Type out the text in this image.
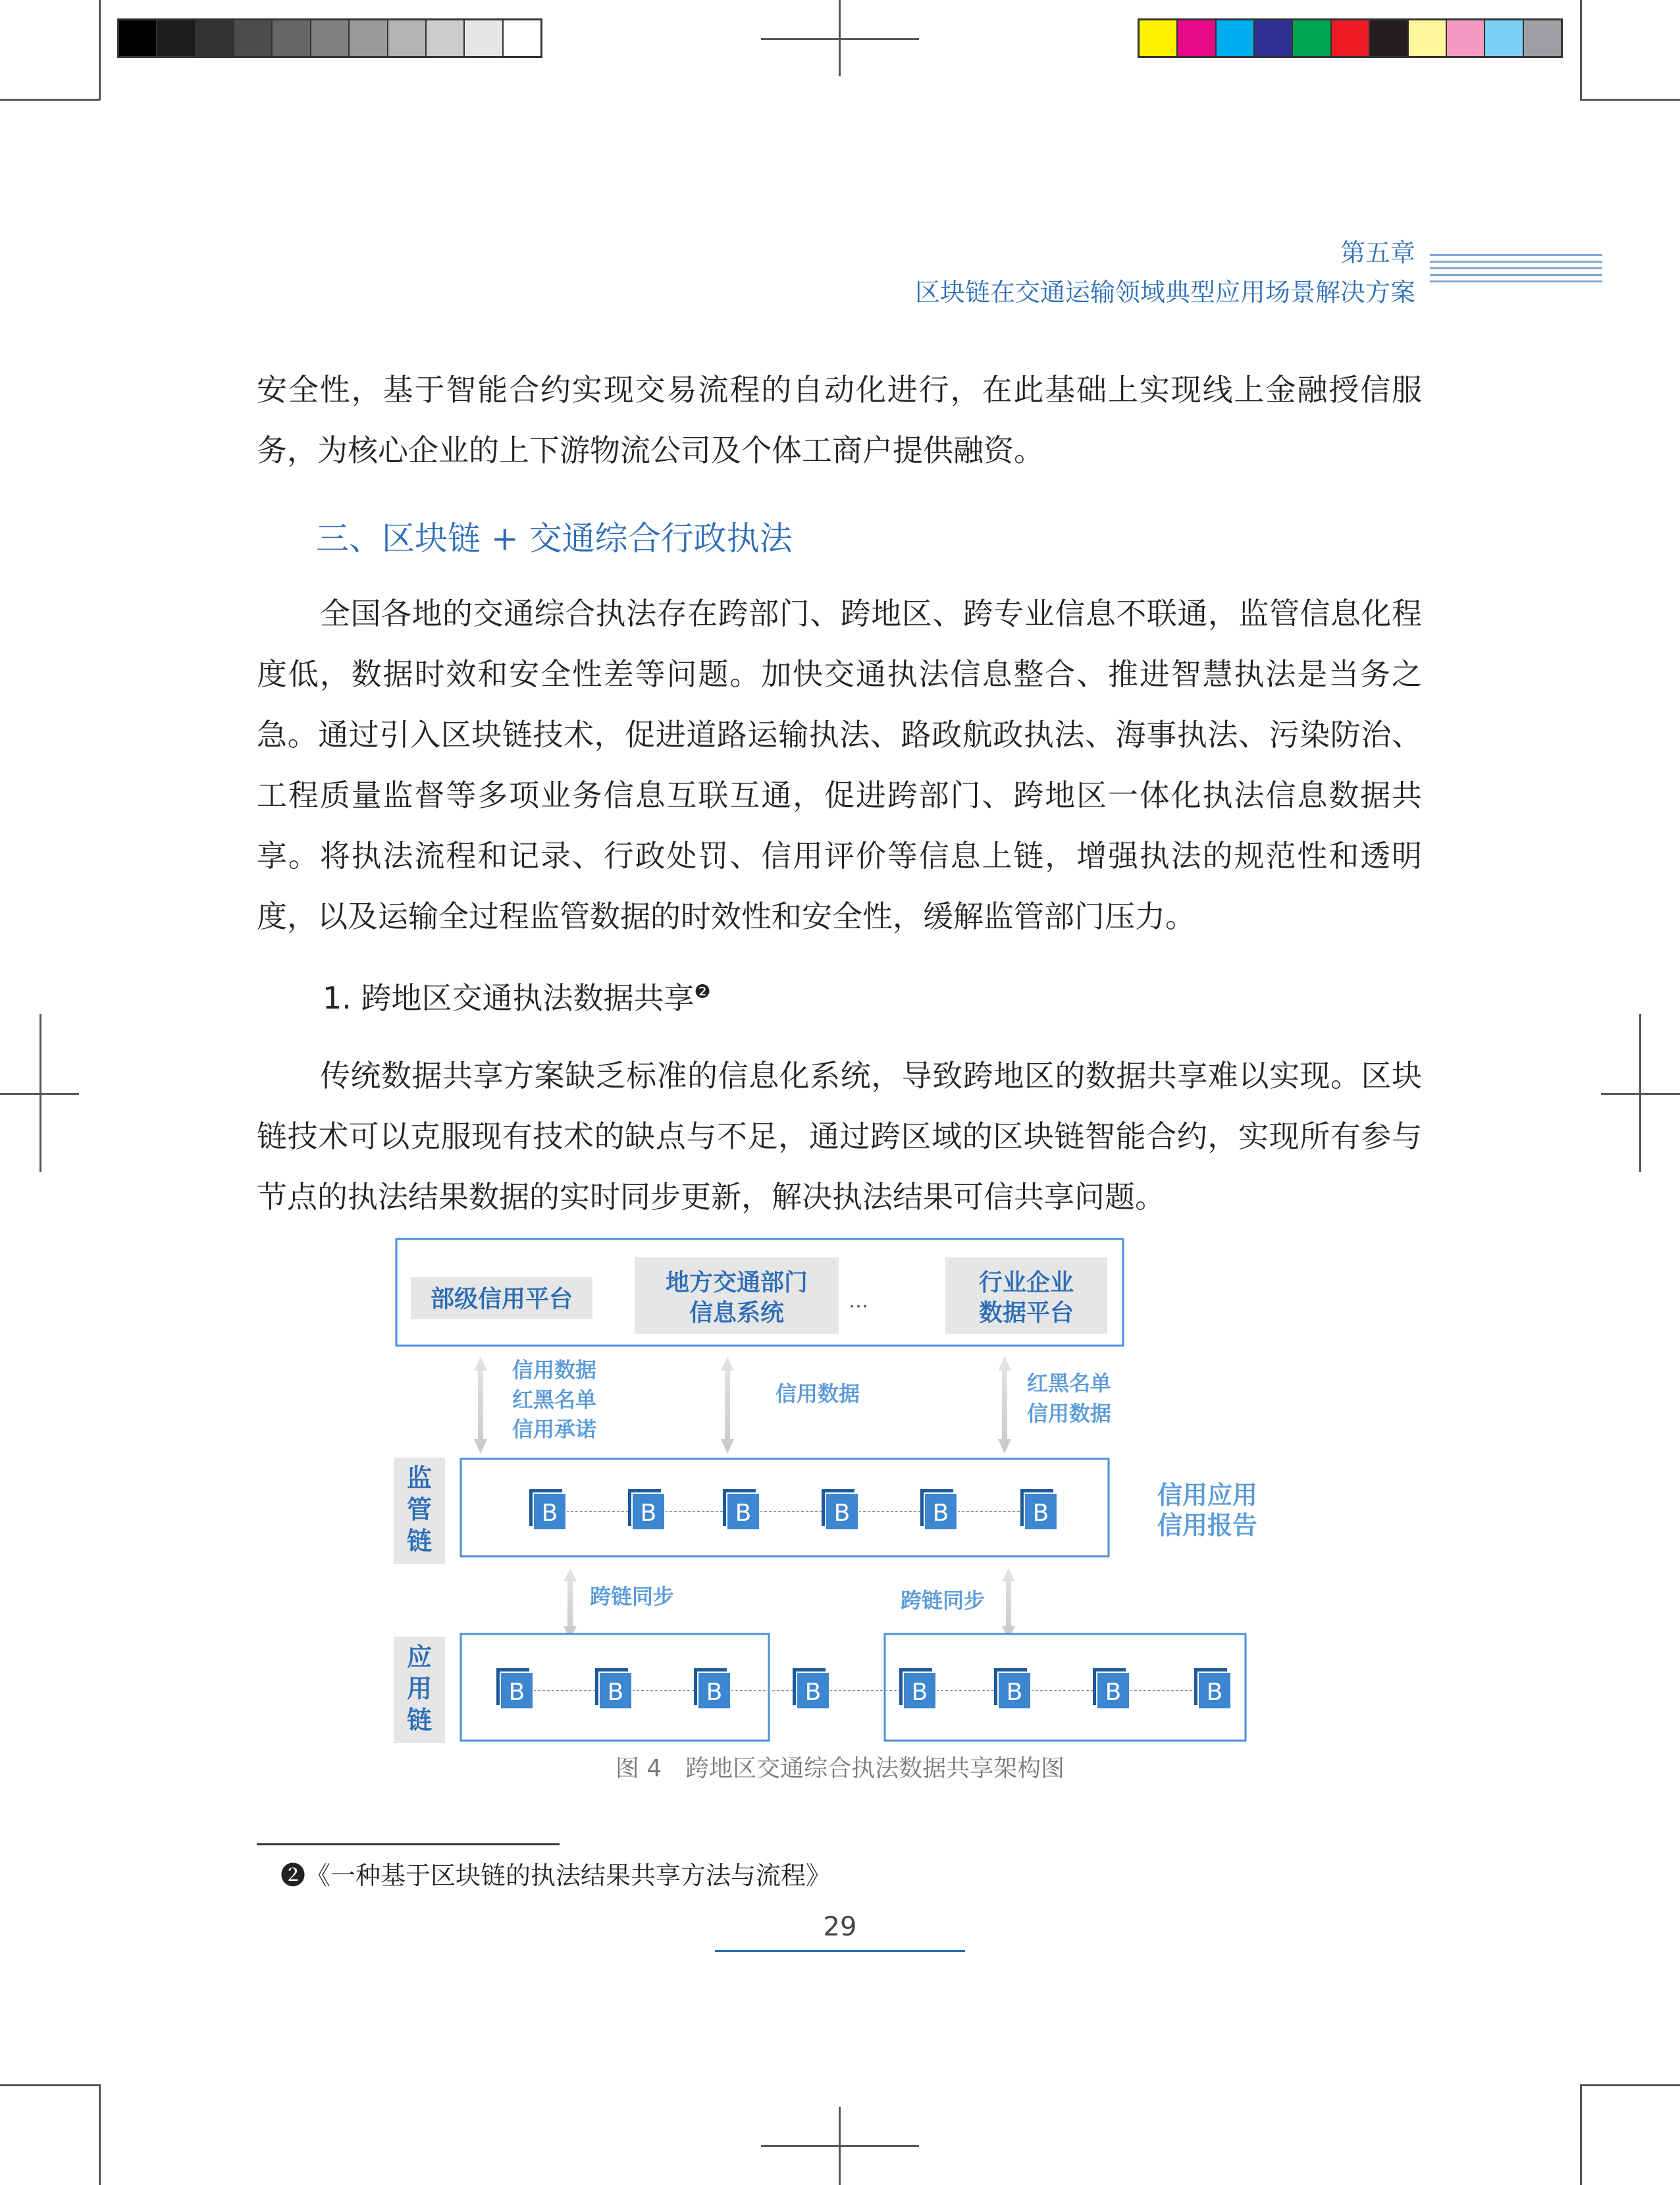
第五章
区块链在交通运输领域典型应用场景解决方案
安全性，基于智能合约实现交易流程的自动化进行，在此基础上实现线上金融授信服务，为核心企业的上下游物流公司及个体工商户提供融资。
三、区块链 + 交通综合行政执法
全国各地的交通综合执法存在跨部门、跨地区、跨专业信息不联通，监管信息化程度低，数据时效和安全性差等问题。加快交通执法信息整合、推进智慧执法是当务之急。通过引入区块链技术，促进道路运输执法、路政航政执法、海事执法、污染防治、工程质量监督等多项业务信息互联互通，促进跨部门、跨地区一体化执法信息数据共享。将执法流程和记录、行政处罚、信用评价等信息上链，增强执法的规范性和透明度，以及运输全过程监管数据的时效性和安全性，缓解监管部门压力。
1. 跨地区交通执法数据共享$^❷$
传统数据共享方案缺乏标准的信息化系统，导致跨地区的数据共享难以实现。区块链技术可以克服现有技术的缺点与不足，通过跨区域的区块链智能合约，实现所有参与节点的执法结果数据的实时同步更新，解决执法结果可信共享问题。
部级信用平台
地方交通部门
信息系统	…
行业企业
数据平台
信用数据
红黑名单
信用承诺
信用数据	红黑名单
信用数据
监
管
链
B	B	B	B	B	B
信用应用
信用报告
跨链同步	跨链同步
应
用
链
B	B	B	B	B	B	B	B
图 4　跨地区交通综合执法数据共享架构图
❷《一种基于区块链的执法结果共享方法与流程》
29
